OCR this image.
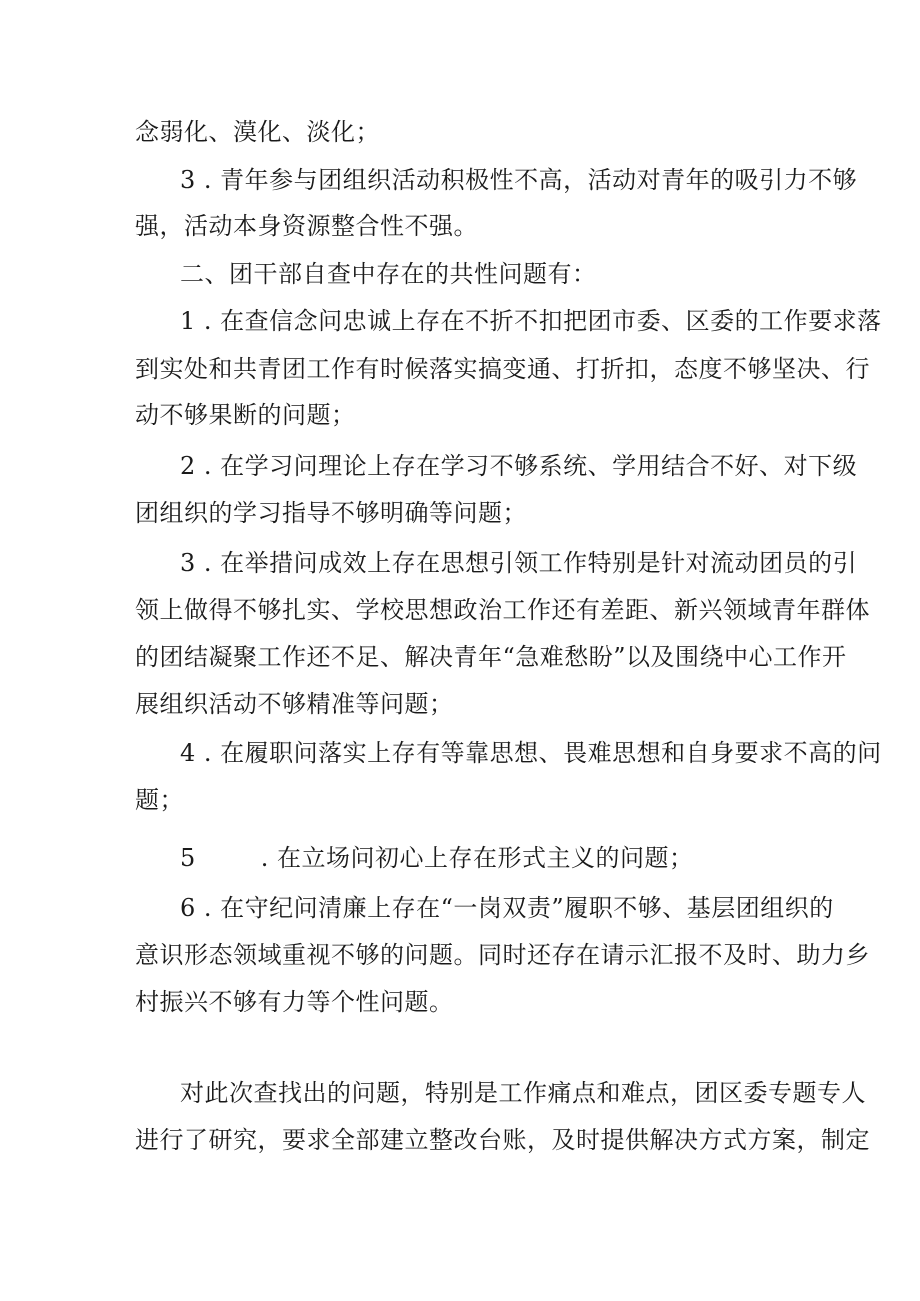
念弱化、漠化、淡化；
3 . 青年参与团组织活动积极性不高，活动对青年的吸引力不够
强，活动本身资源整合性不强。
二、团干部自查中存在的共性问题有：
1 . 在查信念问忠诚上存在不折不扣把团市委、区委的工作要求落
到实处和共青团工作有时候落实搞变通、打折扣，态度不够坚决、行
动不够果断的问题；
2 . 在学习问理论上存在学习不够系统、学用结合不好、对下级
团组织的学习指导不够明确等问题；
3 . 在举措问成效上存在思想引领工作特别是针对流动团员的引
领上做得不够扎实、学校思想政治工作还有差距、新兴领域青年群体
的团结凝聚工作还不足、解决青年“急难愁盼”以及围绕中心工作开
展组织活动不够精准等问题；
4 . 在履职问落实上存有等靠思想、畏难思想和自身要求不高的问
题；
5        . 在立场问初心上存在形式主义的问题；
6 . 在守纪问清廉上存在“一岗双责”履职不够、基层团组织的
意识形态领域重视不够的问题。同时还存在请示汇报不及时、助力乡
村振兴不够有力等个性问题。
对此次查找出的问题，特别是工作痛点和难点，团区委专题专人
进行了研究，要求全部建立整改台账，及时提供解决方式方案，制定
